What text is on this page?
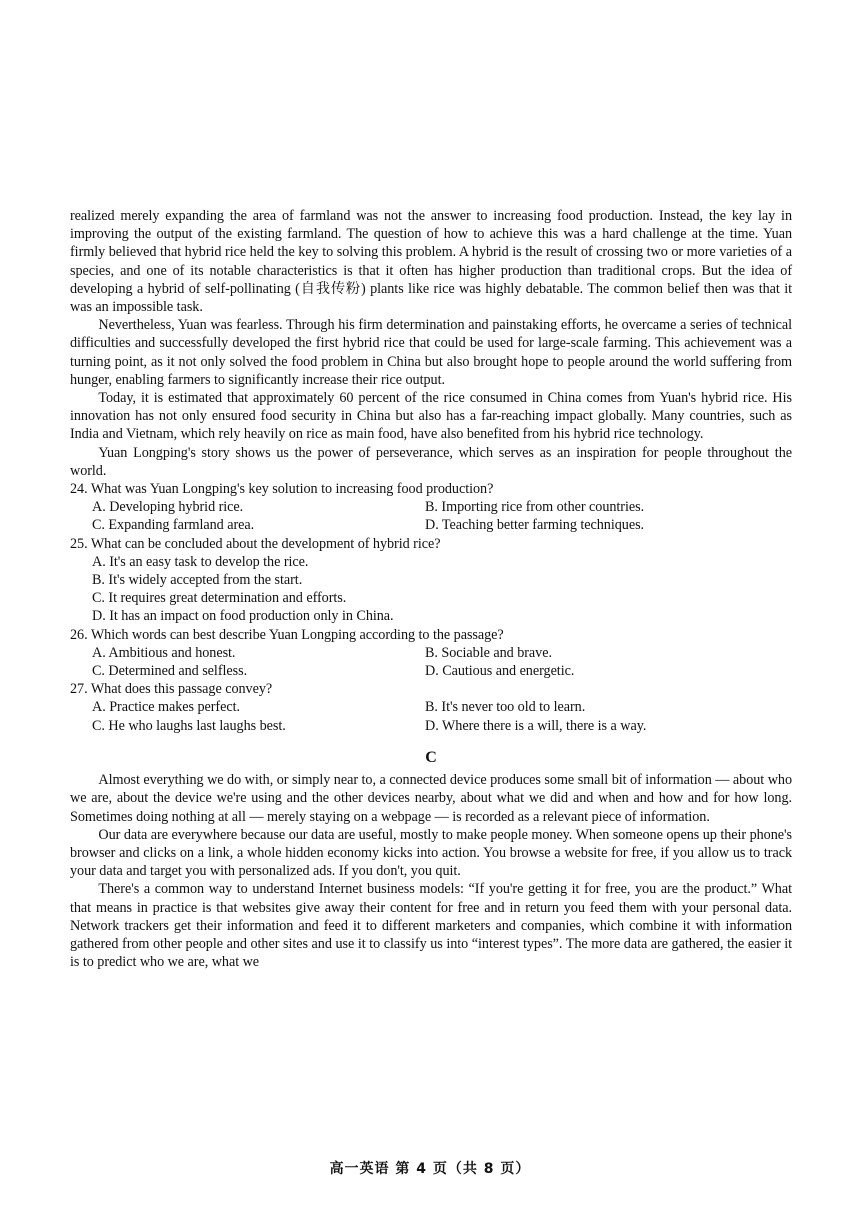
realized merely expanding the area of farmland was not the answer to increasing food production. Instead, the key lay in improving the output of the existing farmland. The question of how to achieve this was a hard challenge at the time. Yuan firmly believed that hybrid rice held the key to solving this problem. A hybrid is the result of crossing two or more varieties of a species, and one of its notable characteristics is that it often has higher production than traditional crops. But the idea of developing a hybrid of self-pollinating (自我传粉) plants like rice was highly debatable. The common belief then was that it was an impossible task.

Nevertheless, Yuan was fearless. Through his firm determination and painstaking efforts, he overcame a series of technical difficulties and successfully developed the first hybrid rice that could be used for large-scale farming. This achievement was a turning point, as it not only solved the food problem in China but also brought hope to people around the world suffering from hunger, enabling farmers to significantly increase their rice output.

Today, it is estimated that approximately 60 percent of the rice consumed in China comes from Yuan's hybrid rice. His innovation has not only ensured food security in China but also has a far-reaching impact globally. Many countries, such as India and Vietnam, which rely heavily on rice as main food, have also benefited from his hybrid rice technology.

Yuan Longping's story shows us the power of perseverance, which serves as an inspiration for people throughout the world.

24. What was Yuan Longping's key solution to increasing food production?
A. Developing hybrid rice.	B. Importing rice from other countries.
C. Expanding farmland area.	D. Teaching better farming techniques.
25. What can be concluded about the development of hybrid rice?
A. It's an easy task to develop the rice.
B. It's widely accepted from the start.
C. It requires great determination and efforts.
D. It has an impact on food production only in China.
26. Which words can best describe Yuan Longping according to the passage?
A. Ambitious and honest.	B. Sociable and brave.
C. Determined and selfless.	D. Cautious and energetic.
27. What does this passage convey?
A. Practice makes perfect.	B. It's never too old to learn.
C. He who laughs last laughs best.	D. Where there is a will, there is a way.
C

Almost everything we do with, or simply near to, a connected device produces some small bit of information — about who we are, about the device we're using and the other devices nearby, about what we did and when and how and for how long. Sometimes doing nothing at all — merely staying on a webpage — is recorded as a relevant piece of information.

Our data are everywhere because our data are useful, mostly to make people money. When someone opens up their phone's browser and clicks on a link, a whole hidden economy kicks into action. You browse a website for free, if you allow us to track your data and target you with personalized ads. If you don't, you quit.

There's a common way to understand Internet business models: “If you're getting it for free, you are the product.” What that means in practice is that websites give away their content for free and in return you feed them with your personal data. Network trackers get their information and feed it to different marketers and companies, which combine it with information gathered from other people and other sites and use it to classify us into “interest types”. The more data are gathered, the easier it is to predict who we are, what we

高一英语 第 4 页（共 8 页）
